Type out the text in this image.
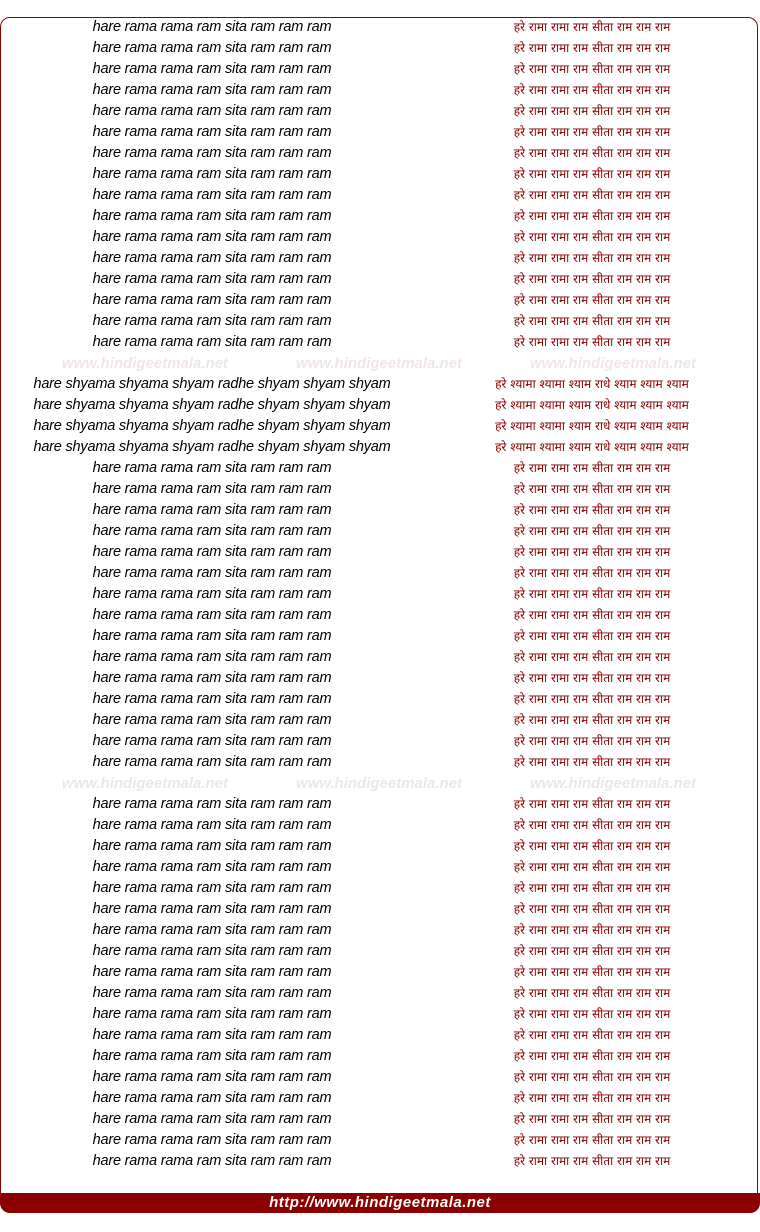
hare rama rama ram sita ram ram ram	हरे रामा रामा राम सीता राम राम राम
hare rama rama ram sita ram ram ram	हरे रामा रामा राम सीता राम राम राम
hare rama rama ram sita ram ram ram	हरे रामा रामा राम सीता राम राम राम
hare rama rama ram sita ram ram ram	हरे रामा रामा राम सीता राम राम राम
hare rama rama ram sita ram ram ram	हरे रामा रामा राम सीता राम राम राम
hare rama rama ram sita ram ram ram	हरे रामा रामा राम सीता राम राम राम
hare rama rama ram sita ram ram ram	हरे रामा रामा राम सीता राम राम राम
hare rama rama ram sita ram ram ram	हरे रामा रामा राम सीता राम राम राम
hare rama rama ram sita ram ram ram	हरे रामा रामा राम सीता राम राम राम
hare rama rama ram sita ram ram ram	हरे रामा रामा राम सीता राम राम राम
hare rama rama ram sita ram ram ram	हरे रामा रामा राम सीता राम राम राम
hare rama rama ram sita ram ram ram	हरे रामा रामा राम सीता राम राम राम
hare rama rama ram sita ram ram ram	हरे रामा रामा राम सीता राम राम राम
hare rama rama ram sita ram ram ram	हरे रामा रामा राम सीता राम राम राम
hare rama rama ram sita ram ram ram	हरे रामा रामा राम सीता राम राम राम
hare rama rama ram sita ram ram ram	हरे रामा रामा राम सीता राम राम राम
www.hindigeetmala.net	www.hindigeetmala.net	www.hindigeetmala.net
hare shyama shyama shyam radhe shyam shyam shyam	हरे श्यामा श्यामा श्याम राधे श्याम श्याम श्याम
hare shyama shyama shyam radhe shyam shyam shyam	हरे श्यामा श्यामा श्याम राधे श्याम श्याम श्याम
hare shyama shyama shyam radhe shyam shyam shyam	हरे श्यामा श्यामा श्याम राधे श्याम श्याम श्याम
hare shyama shyama shyam radhe shyam shyam shyam	हरे श्यामा श्यामा श्याम राधे श्याम श्याम श्याम
hare rama rama ram sita ram ram ram	हरे रामा रामा राम सीता राम राम राम
hare rama rama ram sita ram ram ram	हरे रामा रामा राम सीता राम राम राम
hare rama rama ram sita ram ram ram	हरे रामा रामा राम सीता राम राम राम
hare rama rama ram sita ram ram ram	हरे रामा रामा राम सीता राम राम राम
hare rama rama ram sita ram ram ram	हरे रामा रामा राम सीता राम राम राम
hare rama rama ram sita ram ram ram	हरे रामा रामा राम सीता राम राम राम
hare rama rama ram sita ram ram ram	हरे रामा रामा राम सीता राम राम राम
hare rama rama ram sita ram ram ram	हरे रामा रामा राम सीता राम राम राम
hare rama rama ram sita ram ram ram	हरे रामा रामा राम सीता राम राम राम
hare rama rama ram sita ram ram ram	हरे रामा रामा राम सीता राम राम राम
hare rama rama ram sita ram ram ram	हरे रामा रामा राम सीता राम राम राम
hare rama rama ram sita ram ram ram	हरे रामा रामा राम सीता राम राम राम
hare rama rama ram sita ram ram ram	हरे रामा रामा राम सीता राम राम राम
hare rama rama ram sita ram ram ram	हरे रामा रामा राम सीता राम राम राम
hare rama rama ram sita ram ram ram	हरे रामा रामा राम सीता राम राम राम
www.hindigeetmala.net	www.hindigeetmala.net	www.hindigeetmala.net
hare rama rama ram sita ram ram ram	हरे रामा रामा राम सीता राम राम राम
hare rama rama ram sita ram ram ram	हरे रामा रामा राम सीता राम राम राम
hare rama rama ram sita ram ram ram	हरे रामा रामा राम सीता राम राम राम
hare rama rama ram sita ram ram ram	हरे रामा रामा राम सीता राम राम राम
hare rama rama ram sita ram ram ram	हरे रामा रामा राम सीता राम राम राम
hare rama rama ram sita ram ram ram	हरे रामा रामा राम सीता राम राम राम
hare rama rama ram sita ram ram ram	हरे रामा रामा राम सीता राम राम राम
hare rama rama ram sita ram ram ram	हरे रामा रामा राम सीता राम राम राम
hare rama rama ram sita ram ram ram	हरे रामा रामा राम सीता राम राम राम
hare rama rama ram sita ram ram ram	हरे रामा रामा राम सीता राम राम राम
hare rama rama ram sita ram ram ram	हरे रामा रामा राम सीता राम राम राम
hare rama rama ram sita ram ram ram	हरे रामा रामा राम सीता राम राम राम
hare rama rama ram sita ram ram ram	हरे रामा रामा राम सीता राम राम राम
hare rama rama ram sita ram ram ram	हरे रामा रामा राम सीता राम राम राम
hare rama rama ram sita ram ram ram	हरे रामा रामा राम सीता राम राम राम
hare rama rama ram sita ram ram ram	हरे रामा रामा राम सीता राम राम राम
hare rama rama ram sita ram ram ram	हरे रामा रामा राम सीता राम राम राम
hare rama rama ram sita ram ram ram	हरे रामा रामा राम सीता राम राम राम
http://www.hindigeetmala.net
